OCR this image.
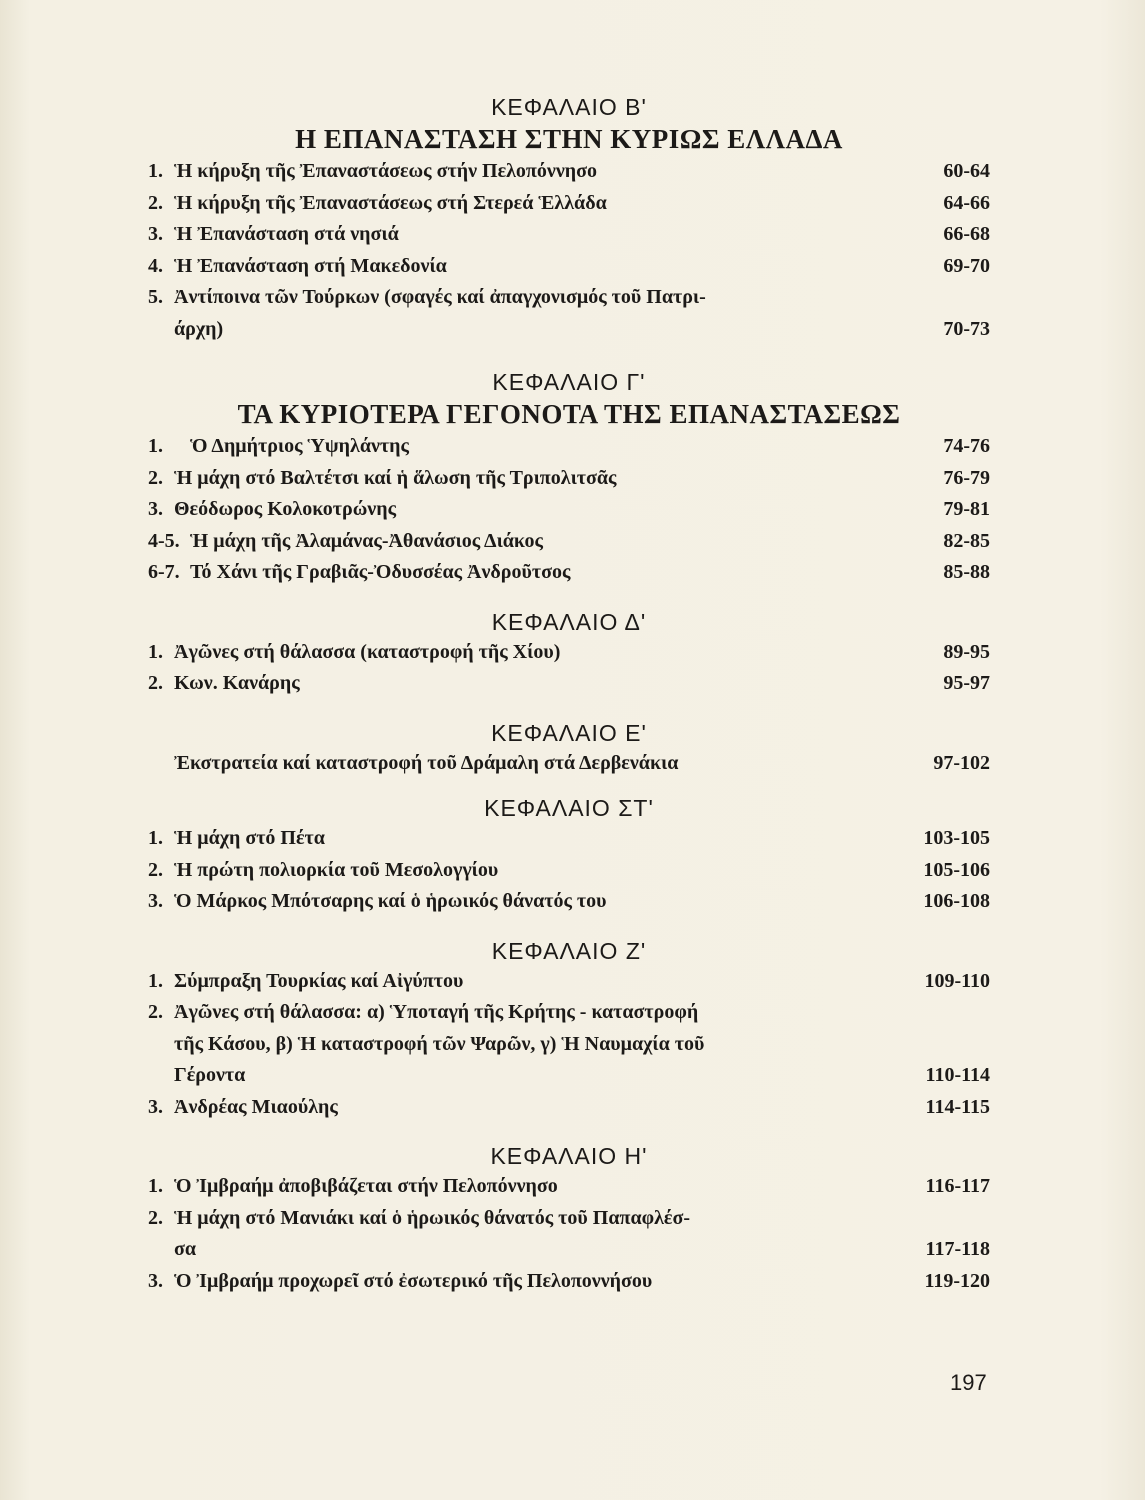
ΚΕΦΑΛΑΙΟ Β'
Η ΕΠΑΝΑΣΤΑΣΗ ΣΤΗΝ ΚΥΡΙΩΣ ΕΛΛΑΔΑ
1. Ἡ κήρυξη τῆς Ἐπαναστάσεως στήν Πελοπόννησο	60-64
2. Ἡ κήρυξη τῆς Ἐπαναστάσεως στή Στερεά Ἑλλάδα	64-66
3. Ἡ Ἐπανάσταση στά νησιά	66-68
4. Ἡ Ἐπανάσταση στή Μακεδονία	69-70
5. Ἀντίποινα τῶν Τούρκων (σφαγές καί ἀπαγχονισμός τοῦ Πατρι-
άρχη)	70-73
ΚΕΦΑΛΑΙΟ Γ'
ΤΑ ΚΥΡΙΟΤΕΡΑ ΓΕΓΟΝΟΤΑ ΤΗΣ ΕΠΑΝΑΣΤΑΣΕΩΣ
1.	Ὁ Δημήτριος Ὑψηλάντης	74-76
2. Ἡ μάχη στό Βαλτέτσι καί ἡ ἅλωση τῆς Τριπολιτσᾶς	76-79
3. Θεόδωρος Κολοκοτρώνης	79-81
4-5. Ἡ μάχη τῆς Ἀλαμάνας-Ἀθανάσιος Διάκος	82-85
6-7. Τό Χάνι τῆς Γραβιᾶς-Ὀδυσσέας Ἀνδροῦτσος	85-88
ΚΕΦΑΛΑΙΟ Δ'
1. Ἀγῶνες στή θάλασσα (καταστροφή τῆς Χίου)	89-95
2. Κων. Κανάρης	95-97
ΚΕΦΑΛΑΙΟ Ε'
Ἐκστρατεία καί καταστροφή τοῦ Δράμαλη στά Δερβενάκια	97-102
ΚΕΦΑΛΑΙΟ ΣΤ'
1. Ἡ μάχη στό Πέτα	103-105
2. Ἡ πρώτη πολιορκία τοῦ Μεσολογγίου	105-106
3. Ὁ Μάρκος Μπότσαρης καί ὁ ἡρωικός θάνατός του	106-108
ΚΕΦΑΛΑΙΟ Ζ'
1. Σύμπραξη Τουρκίας καί Αἰγύπτου	109-110
2. Ἀγῶνες στή θάλασσα: α) Ὑποταγή τῆς Κρήτης - καταστροφή
τῆς Κάσου, β) Ἡ καταστροφή τῶν Ψαρῶν, γ) Ἡ Ναυμαχία τοῦ
Γέροντα	110-114
3. Ἀνδρέας Μιαούλης	114-115
ΚΕΦΑΛΑΙΟ Η'
1. Ὁ Ἰμβραήμ ἀποβιβάζεται στήν Πελοπόννησο	116-117
2. Ἡ μάχη στό Μανιάκι καί ὁ ἡρωικός θάνατός τοῦ Παπαφλέσ-
σα	117-118
3. Ὁ Ἰμβραήμ προχωρεῖ στό ἐσωτερικό τῆς Πελοποννήσου	119-120
197
